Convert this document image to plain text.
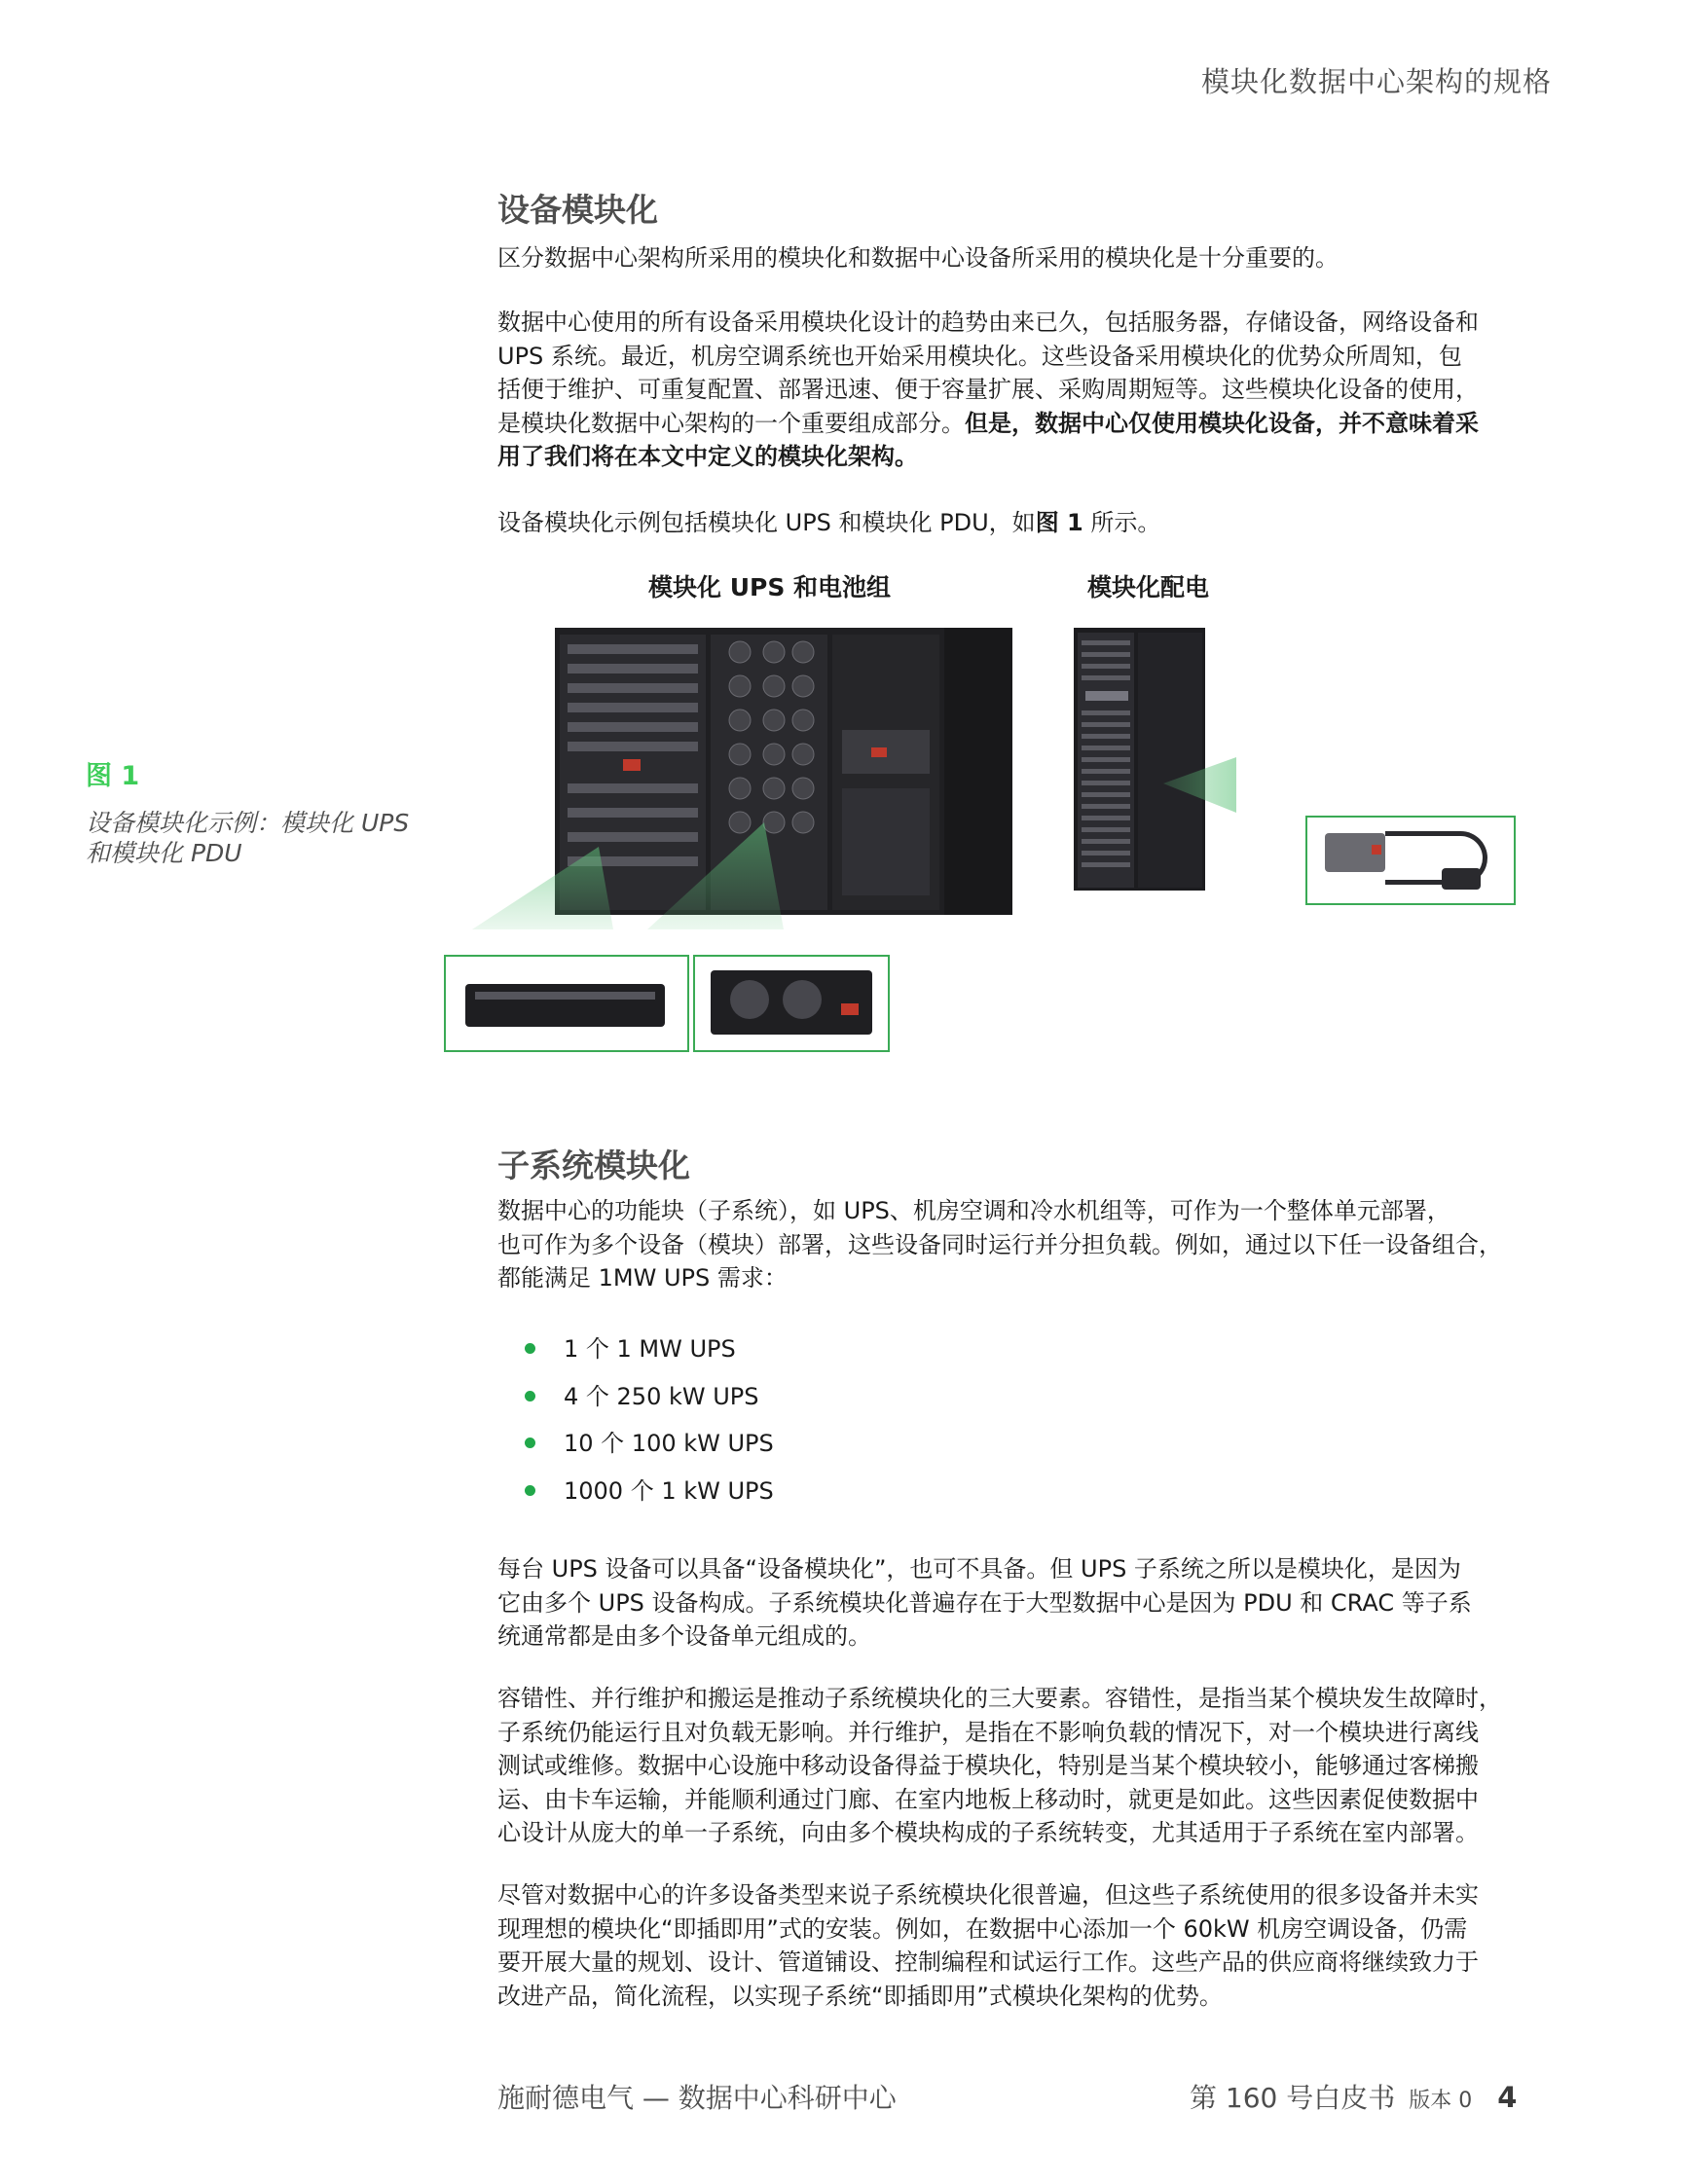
模块化数据中心架构的规格
设备模块化

区分数据中心架构所采用的模块化和数据中心设备所采用的模块化是十分重要的。

数据中心使用的所有设备采用模块化设计的趋势由来已久，包括服务器，存储设备，网络设备和
UPS 系统。最近，机房空调系统也开始采用模块化。这些设备采用模块化的优势众所周知，包
括便于维护、可重复配置、部署迅速、便于容量扩展、采购周期短等。这些模块化设备的使用，
是模块化数据中心架构的一个重要组成部分。但是，数据中心仅使用模块化设备，并不意味着采
用了我们将在本文中定义的模块化架构。

设备模块化示例包括模块化 UPS 和模块化 PDU，如图 1 所示。

子系统模块化

数据中心的功能块（子系统），如 UPS、机房空调和冷水机组等，可作为一个整体单元部署，
也可作为多个设备（模块）部署，这些设备同时运行并分担负载。例如，通过以下任一设备组合，
都能满足 1MW UPS 需求：

1 个 1 MW UPS
4 个 250 kW UPS
10 个 100 kW UPS
1000 个 1 kW UPS

每台 UPS 设备可以具备“设备模块化”，也可不具备。但 UPS 子系统之所以是模块化，是因为
它由多个 UPS 设备构成。子系统模块化普遍存在于大型数据中心是因为 PDU 和 CRAC 等子系
统通常都是由多个设备单元组成的。

容错性、并行维护和搬运是推动子系统模块化的三大要素。容错性，是指当某个模块发生故障时，
子系统仍能运行且对负载无影响。并行维护，是指在不影响负载的情况下，对一个模块进行离线
测试或维修。数据中心设施中移动设备得益于模块化，特别是当某个模块较小，能够通过客梯搬
运、由卡车运输，并能顺利通过门廊、在室内地板上移动时，就更是如此。这些因素促使数据中
心设计从庞大的单一子系统，向由多个模块构成的子系统转变，尤其适用于子系统在室内部署。

尽管对数据中心的许多设备类型来说子系统模块化很普遍，但这些子系统使用的很多设备并未实
现理想的模块化“即插即用”式的安装。例如，在数据中心添加一个 60kW 机房空调设备，仍需
要开展大量的规划、设计、管道铺设、控制编程和试运行工作。这些产品的供应商将继续致力于
改进产品，简化流程，以实现子系统“即插即用”式模块化架构的优势。

图 1
设备模块化示例：模块化 UPS 和模块化 PDU
模块化 UPS 和电池组	模块化配电
施耐德电气 — 数据中心科研中心	第 160 号白皮书 版本 0 4
